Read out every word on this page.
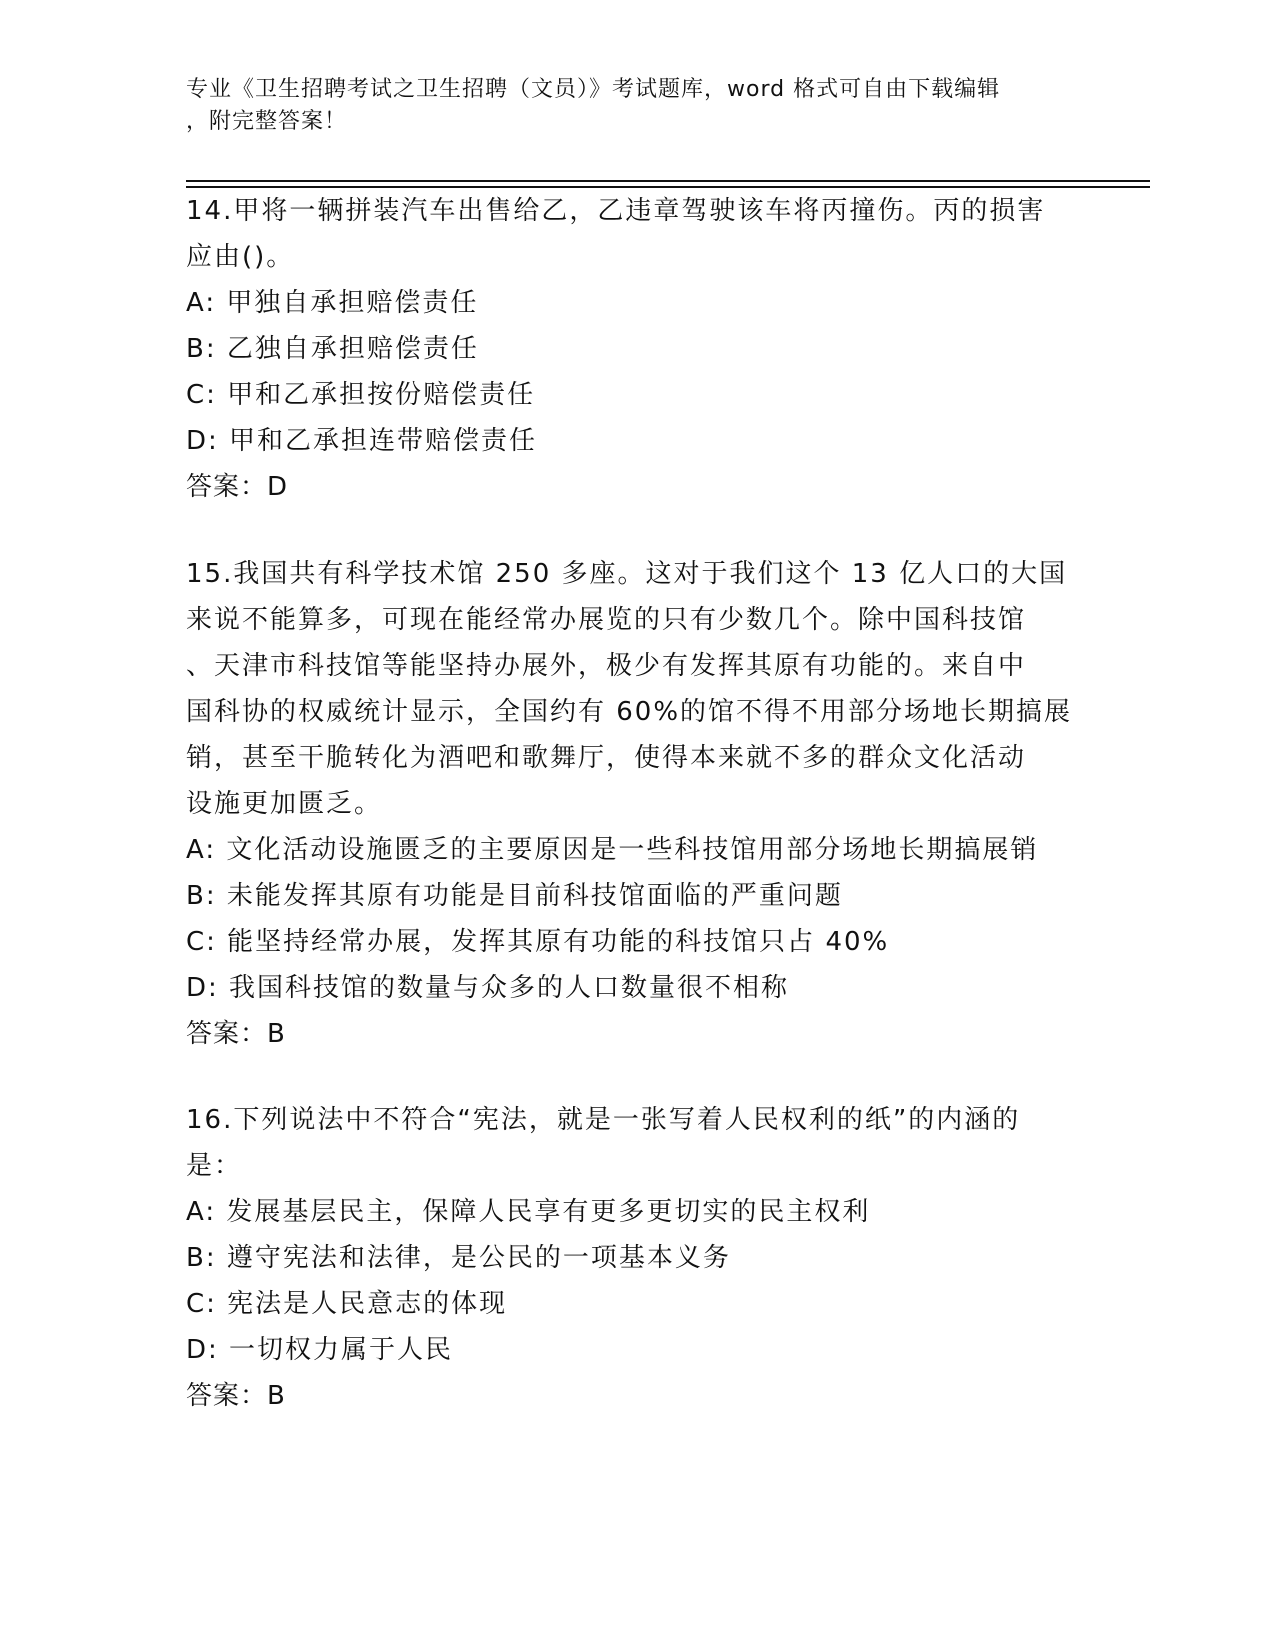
专业《卫生招聘考试之卫生招聘（文员）》考试题库，word 格式可自由下载编辑
，附完整答案！
14.甲将一辆拼装汽车出售给乙，乙违章驾驶该车将丙撞伤。丙的损害
应由()。
A: 甲独自承担赔偿责任
B: 乙独自承担赔偿责任
C: 甲和乙承担按份赔偿责任
D: 甲和乙承担连带赔偿责任
答案：D
15.我国共有科学技术馆 250 多座。这对于我们这个 13 亿人口的大国
来说不能算多，可现在能经常办展览的只有少数几个。除中国科技馆
、天津市科技馆等能坚持办展外，极少有发挥其原有功能的。来自中
国科协的权威统计显示，全国约有 60%的馆不得不用部分场地长期搞展
销，甚至干脆转化为酒吧和歌舞厅，使得本来就不多的群众文化活动
设施更加匮乏。
A: 文化活动设施匮乏的主要原因是一些科技馆用部分场地长期搞展销
B: 未能发挥其原有功能是目前科技馆面临的严重问题
C: 能坚持经常办展，发挥其原有功能的科技馆只占 40%
D: 我国科技馆的数量与众多的人口数量很不相称
答案：B
16.下列说法中不符合“宪法，就是一张写着人民权利的纸”的内涵的
是：
A: 发展基层民主，保障人民享有更多更切实的民主权利
B: 遵守宪法和法律，是公民的一项基本义务
C: 宪法是人民意志的体现
D: 一切权力属于人民
答案：B
